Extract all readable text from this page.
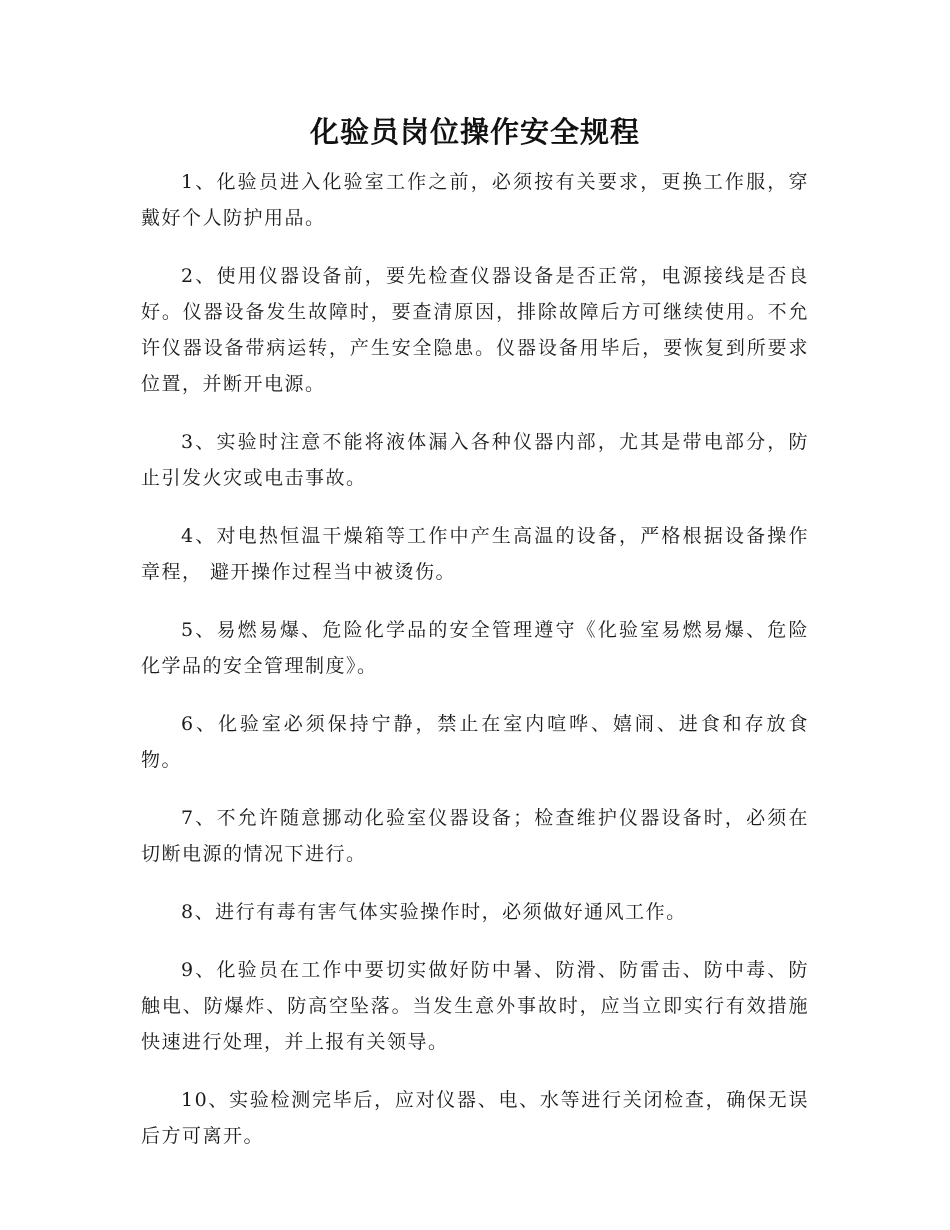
化验员岗位操作安全规程

1、化验员进入化验室工作之前，必须按有关要求，更换工作服，穿戴好个人防护用品。

2、使用仪器设备前，要先检查仪器设备是否正常，电源接线是否良好。仪器设备发生故障时，要查清原因，排除故障后方可继续使用。不允许仪器设备带病运转，产生安全隐患。仪器设备用毕后，要恢复到所要求位置，并断开电源。

3、实验时注意不能将液体漏入各种仪器内部，尤其是带电部分，防止引发火灾或电击事故。

4、对电热恒温干燥箱等工作中产生高温的设备，严格根据设备操作章程， 避开操作过程当中被烫伤。

5、易燃易爆、危险化学品的安全管理遵守《化验室易燃易爆、危险化学品的安全管理制度》。

6、化验室必须保持宁静，禁止在室内喧哗、嬉闹、进食和存放食物。

7、不允许随意挪动化验室仪器设备；检查维护仪器设备时，必须在切断电源的情况下进行。

8、进行有毒有害气体实验操作时，必须做好通风工作。

9、化验员在工作中要切实做好防中暑、防滑、防雷击、防中毒、防触电、防爆炸、防高空坠落。当发生意外事故时，应当立即实行有效措施快速进行处理，并上报有关领导。

10、实验检测完毕后，应对仪器、电、水等进行关闭检查，确保无误后方可离开。
